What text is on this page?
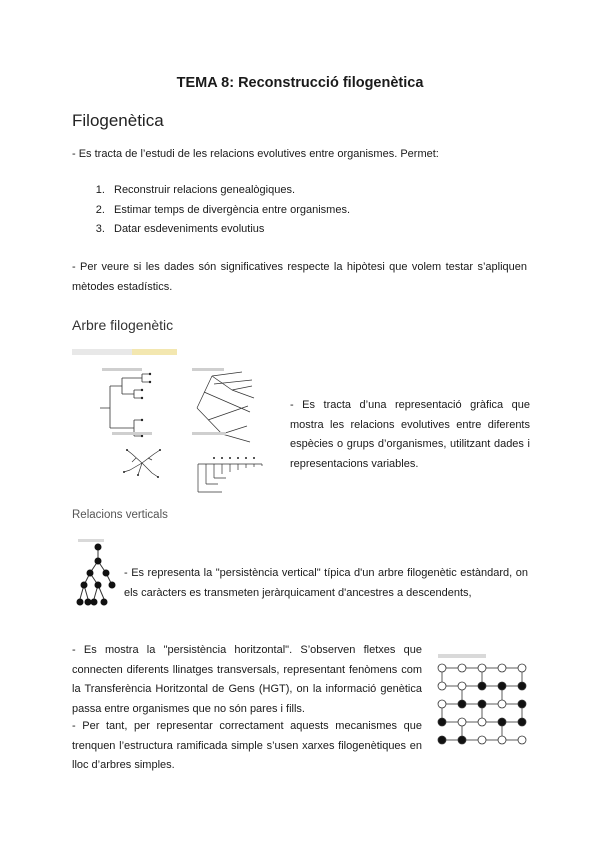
TEMA 8: Reconstrucció filogenètica
Filogenètica
- Es tracta de l’estudi de les relacions evolutives entre organismes. Permet:
1. Reconstruir relacions genealògiques.
2. Estimar temps de divergència entre organismes.
3. Datar esdeveniments evolutius
- Per veure si les dades són significatives respecte la hipòtesi que volem testar s’apliquen mètodes estadístics.
Arbre filogenètic
- Es tracta d’una representació gràfica que mostra les relacions evolutives entre diferents espècies o grups d’organismes, utilitzant dades i representacions variables.
Relacions verticals
- Es representa la "persistència vertical" típica d'un arbre filogenètic estàndard, on els caràcters es transmeten jeràrquicament d'ancestres a descendents,
- Es mostra la "persistència horitzontal". S’observen fletxes que connecten diferents llinatges transversals, representant fenòmens com la Transferència Horitzontal de Gens (HGT), on la informació genètica passa entre organismes que no són pares i fills.
- Per tant, per representar correctament aquests mecanismes que trenquen l’estructura ramificada simple s’usen xarxes filogenètiques en lloc d’arbres simples.
